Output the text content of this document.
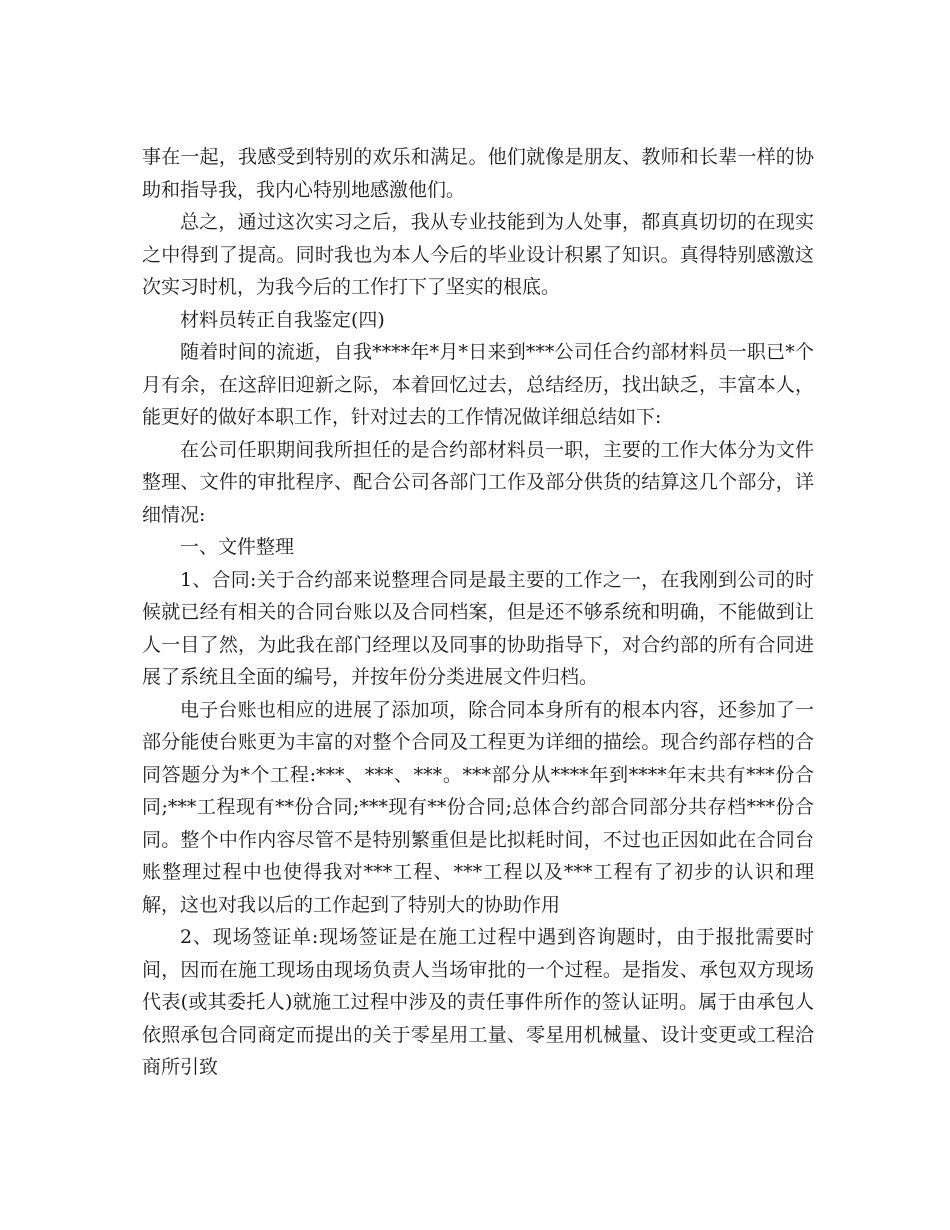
事在一起，我感受到特别的欢乐和满足。他们就像是朋友、教师和长辈一样的协助和指导我，我内心特别地感激他们。

总之，通过这次实习之后，我从专业技能到为人处事，都真真切切的在现实之中得到了提高。同时我也为本人今后的毕业设计积累了知识。真得特别感激这次实习时机，为我今后的工作打下了坚实的根底。

材料员转正自我鉴定(四)

随着时间的流逝，自我****年*月*日来到***公司任合约部材料员一职已*个月有余，在这辞旧迎新之际，本着回忆过去，总结经历，找出缺乏，丰富本人，能更好的做好本职工作，针对过去的工作情况做详细总结如下:

在公司任职期间我所担任的是合约部材料员一职，主要的工作大体分为文件整理、文件的审批程序、配合公司各部门工作及部分供货的结算这几个部分，详细情况:

一、文件整理

1、合同:关于合约部来说整理合同是最主要的工作之一，在我刚到公司的时候就已经有相关的合同台账以及合同档案，但是还不够系统和明确，不能做到让人一目了然，为此我在部门经理以及同事的协助指导下，对合约部的所有合同进展了系统且全面的编号，并按年份分类进展文件归档。

电子台账也相应的进展了添加项，除合同本身所有的根本内容，还参加了一部分能使台账更为丰富的对整个合同及工程更为详细的描绘。现合约部存档的合同答题分为*个工程:***、***、***。***部分从****年到****年末共有***份合同;***工程现有**份合同;***现有**份合同;总体合约部合同部分共存档***份合同。整个中作内容尽管不是特别繁重但是比拟耗时间，不过也正因如此在合同台账整理过程中也使得我对***工程、***工程以及***工程有了初步的认识和理解，这也对我以后的工作起到了特别大的协助作用

2、现场签证单:现场签证是在施工过程中遇到咨询题时，由于报批需要时间，因而在施工现场由现场负责人当场审批的一个过程。是指发、承包双方现场代表(或其委托人)就施工过程中涉及的责任事件所作的签认证明。属于由承包人依照承包合同商定而提出的关于零星用工量、零星用机械量、设计变更或工程洽商所引致
